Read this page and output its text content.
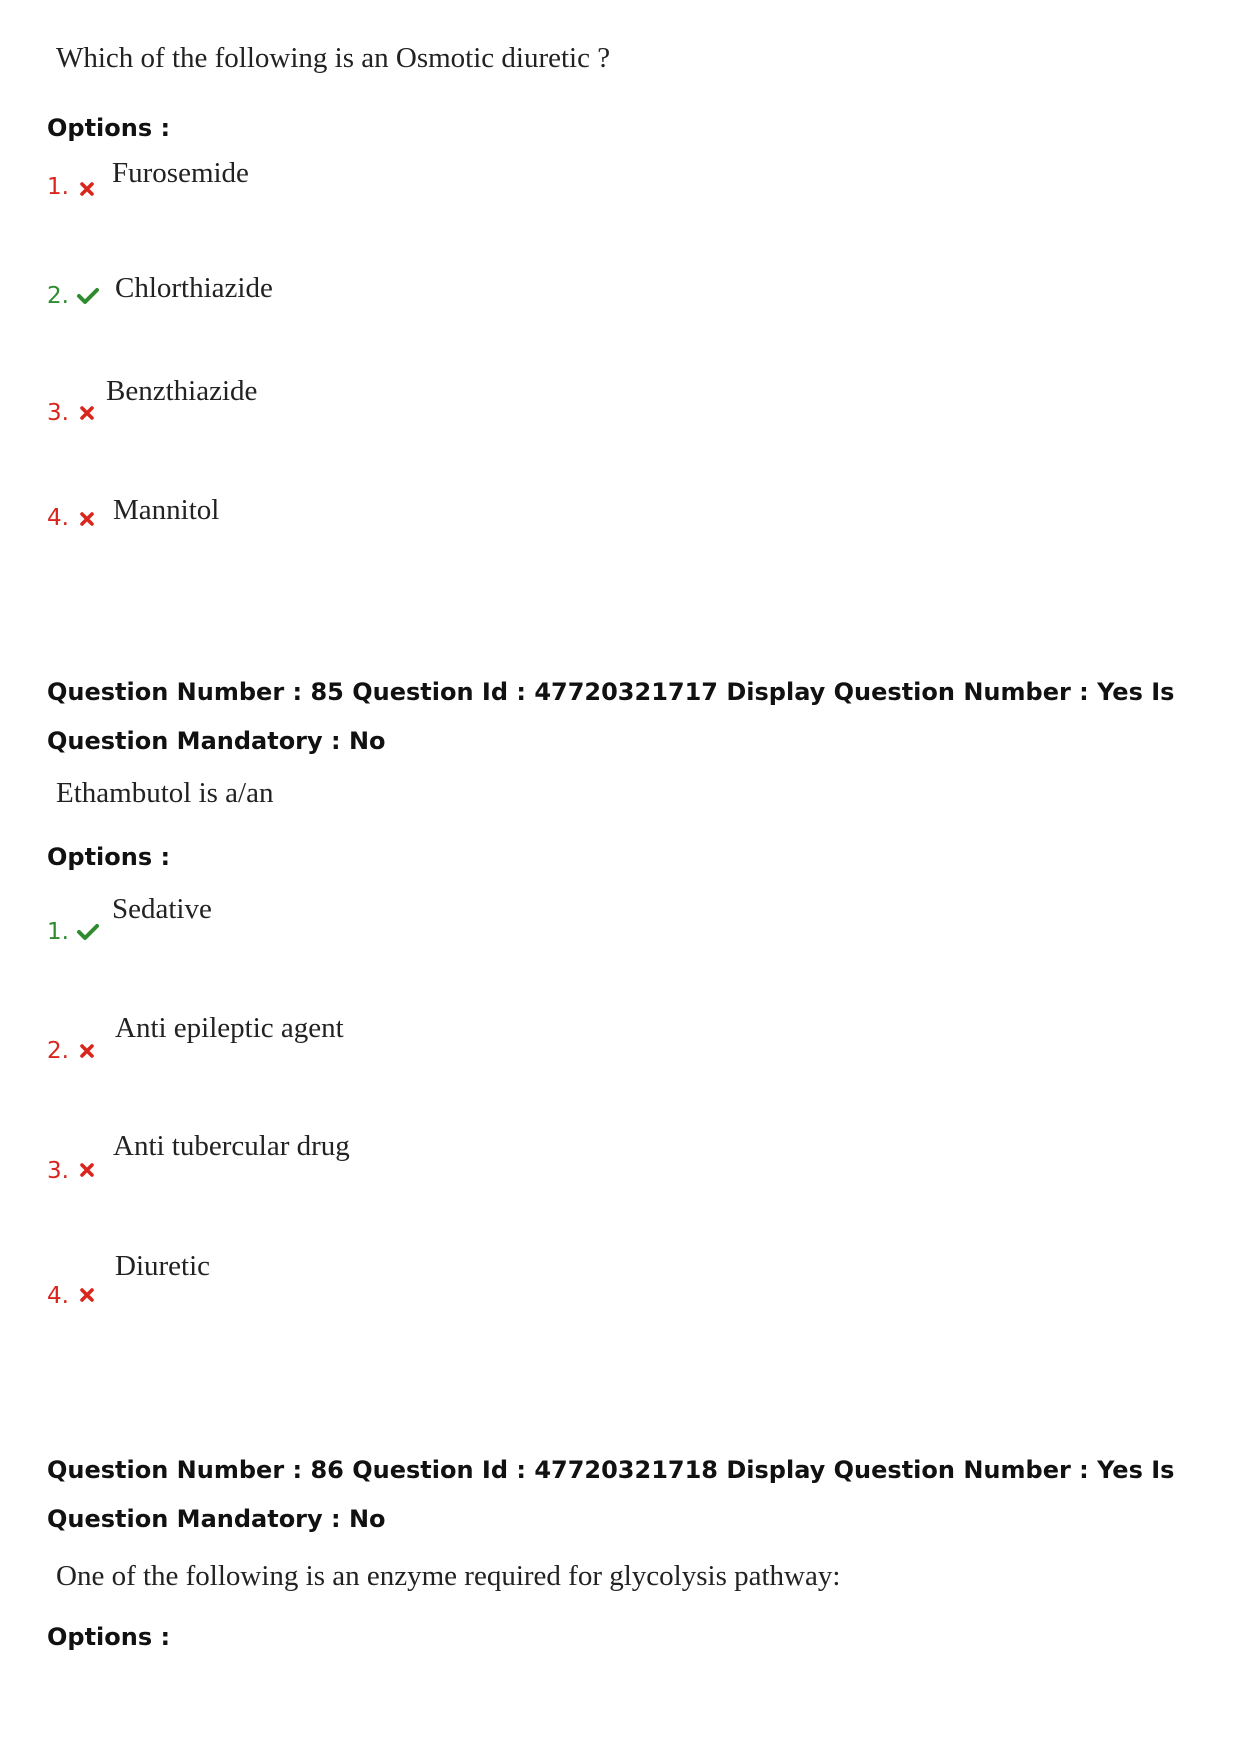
Which of the following is an Osmotic diuretic ?
Options :
1. Furosemide
2. Chlorthiazide
3.
Benzthiazide
4. Mannitol
Question Number : 85 Question Id : 47720321717 Display Question Number : Yes Is Question Mandatory : No
Ethambutol is a/an
Options :
1.
Sedative
2.
Anti epileptic agent
3.
Anti tubercular drug
4.
Diuretic
Question Number : 86 Question Id : 47720321718 Display Question Number : Yes Is Question Mandatory : No
One of the following is an enzyme required for glycolysis pathway:
Options :
